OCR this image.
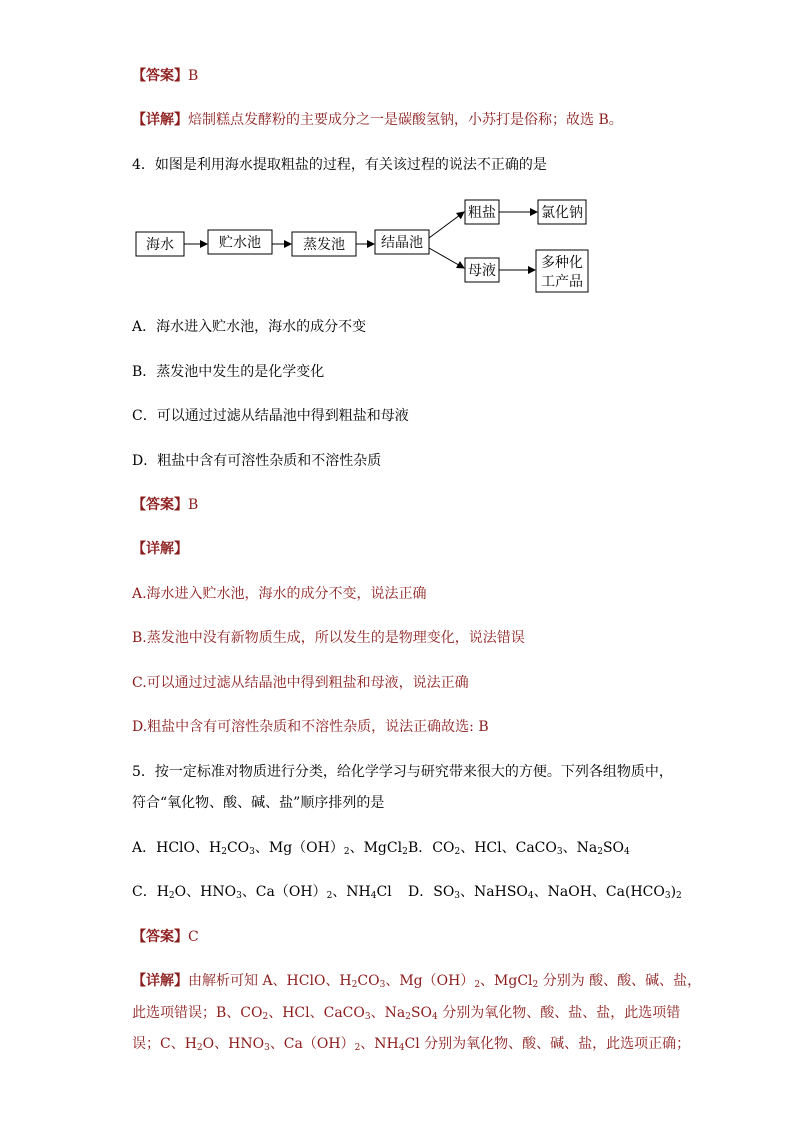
【答案】B
【详解】焙制糕点发酵粉的主要成分之一是碳酸氢钠，小苏打是俗称；故选 B。
4．如图是利用海水提取粗盐的过程，有关该过程的说法不正确的是
海水	贮水池	蒸发池	结晶池
粗盐	氯化钠
母液	多种化
工产品
A．海水进入贮水池，海水的成分不变
B．蒸发池中发生的是化学变化
C．可以通过过滤从结晶池中得到粗盐和母液
D．粗盐中含有可溶性杂质和不溶性杂质
【答案】B
【详解】
A.海水进入贮水池，海水的成分不变，说法正确
B.蒸发池中没有新物质生成，所以发生的是物理变化，说法错误
C.可以通过过滤从结晶池中得到粗盐和母液，说法正确
D.粗盐中含有可溶性杂质和不溶性杂质，说法正确故选: B
5．按一定标准对物质进行分类，给化学学习与研究带来很大的方便。下列各组物质中，
符合“氧化物、酸、碱、盐”顺序排列的是
A．HClO、$H_2CO_3$、$Mg(OH)_2$、MgCl$_2$ B．$CO_2$、HCl、CaCO$_3$、$Na_2SO_4$
C．$H_2O$、$HNO_3$、$Ca(OH)_2$、$NH_4Cl$ D．$SO_3$、NaHSO$_4$、NaOH、$Ca(HCO_3)_2$
【答案】C
【详解】由解析可知 A、HClO、$H_2CO_3$、$Mg(OH)_2$、MgCl$_2$ 分别为 酸、酸、碱、盐，
此选项错误；B、$CO_2$、HCl、CaCO$_3$、$Na_2SO_4$ 分别为氧化物、酸、盐、盐，此选项错
误；C、$H_2O$、$HNO_3$、$Ca(OH)_2$、$NH_4Cl$ 分别为氧化物、酸、碱、盐，此选项正确；
